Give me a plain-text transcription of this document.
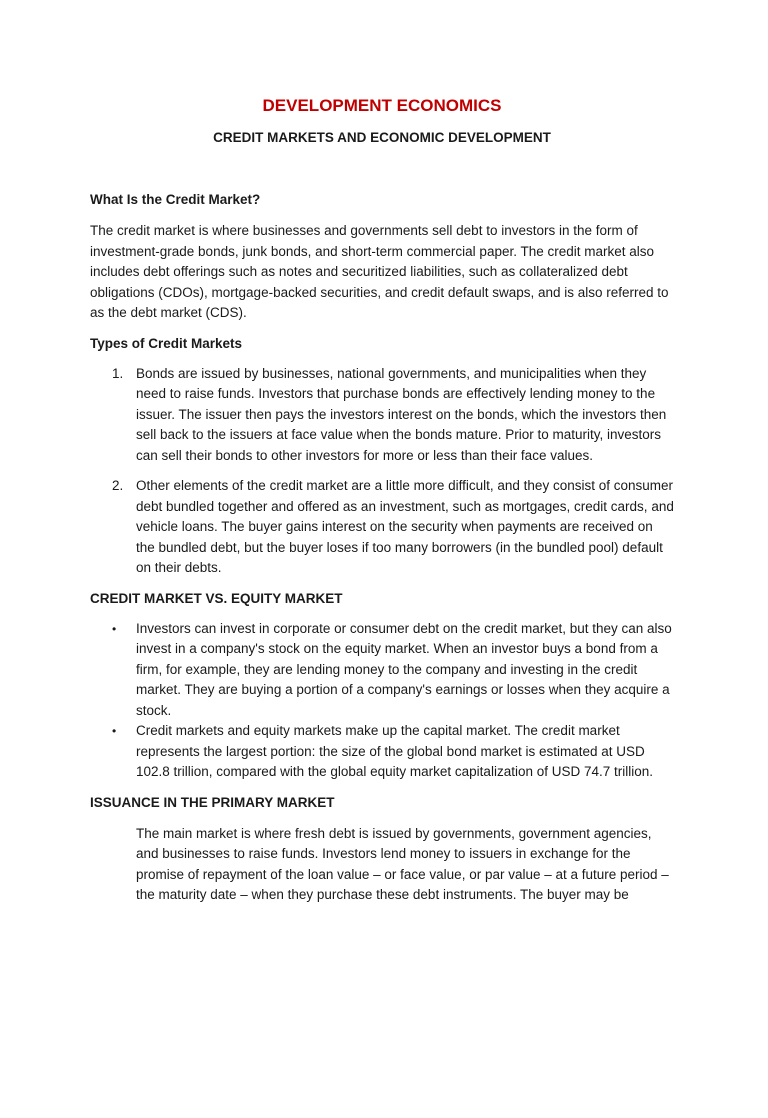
DEVELOPMENT ECONOMICS
CREDIT MARKETS AND ECONOMIC DEVELOPMENT
What Is the Credit Market?

The credit market is where businesses and governments sell debt to investors in the form of investment-grade bonds, junk bonds, and short-term commercial paper. The credit market also includes debt offerings such as notes and securitized liabilities, such as collateralized debt obligations (CDOs), mortgage-backed securities, and credit default swaps, and is also referred to as the debt market (CDS).

Types of Credit Markets
1. Bonds are issued by businesses, national governments, and municipalities when they need to raise funds. Investors that purchase bonds are effectively lending money to the issuer. The issuer then pays the investors interest on the bonds, which the investors then sell back to the issuers at face value when the bonds mature. Prior to maturity, investors can sell their bonds to other investors for more or less than their face values.
2. Other elements of the credit market are a little more difficult, and they consist of consumer debt bundled together and offered as an investment, such as mortgages, credit cards, and vehicle loans. The buyer gains interest on the security when payments are received on the bundled debt, but the buyer loses if too many borrowers (in the bundled pool) default on their debts.
CREDIT MARKET VS. EQUITY MARKET
• Investors can invest in corporate or consumer debt on the credit market, but they can also invest in a company's stock on the equity market. When an investor buys a bond from a firm, for example, they are lending money to the company and investing in the credit market. They are buying a portion of a company's earnings or losses when they acquire a stock.
• Credit markets and equity markets make up the capital market. The credit market represents the largest portion: the size of the global bond market is estimated at USD 102.8 trillion, compared with the global equity market capitalization of USD 74.7 trillion.
ISSUANCE IN THE PRIMARY MARKET

The main market is where fresh debt is issued by governments, government agencies, and businesses to raise funds. Investors lend money to issuers in exchange for the promise of repayment of the loan value – or face value, or par value – at a future period – the maturity date – when they purchase these debt instruments. The buyer may be
